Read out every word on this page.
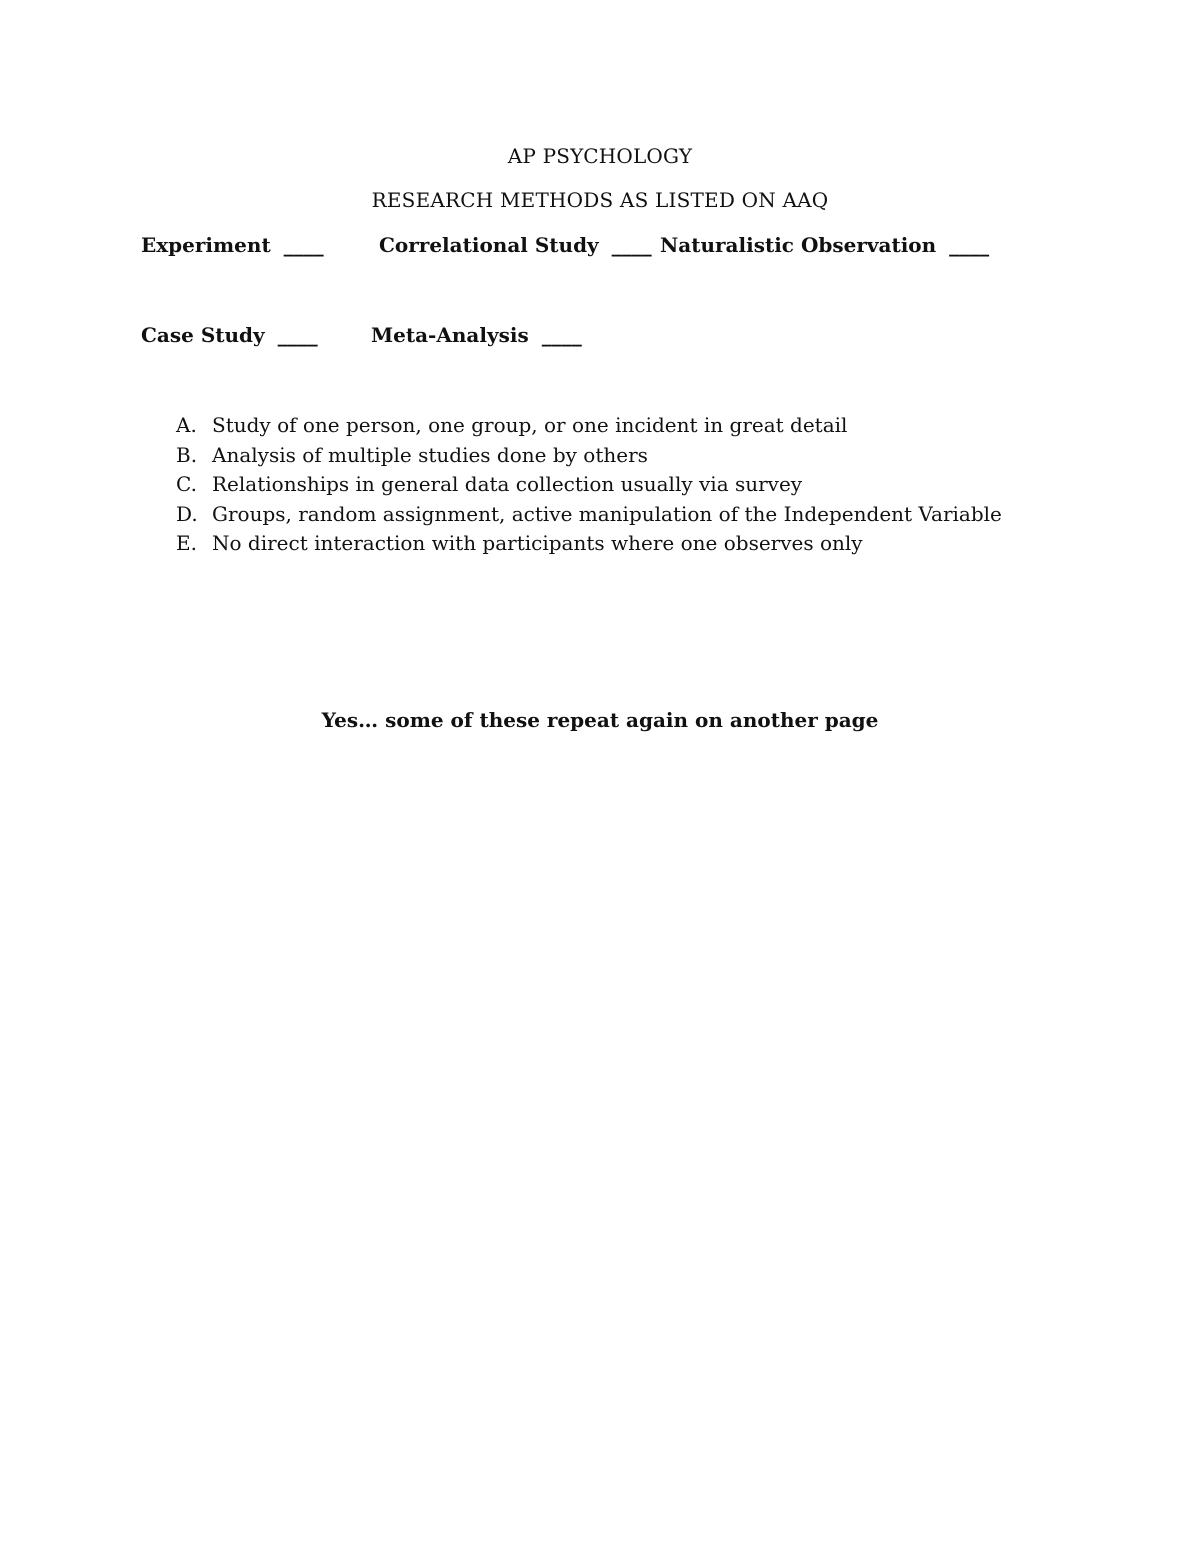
AP PSYCHOLOGY
RESEARCH METHODS AS LISTED ON AAQ
Experiment ____	Correlational Study ____ Naturalistic Observation ____
Case Study ____	Meta-Analysis ____
A. Study of one person, one group, or one incident in great detail
B. Analysis of multiple studies done by others
C. Relationships in general data collection usually via survey
D. Groups, random assignment, active manipulation of the Independent Variable
E. No direct interaction with participants where one observes only
Yes… some of these repeat again on another page
